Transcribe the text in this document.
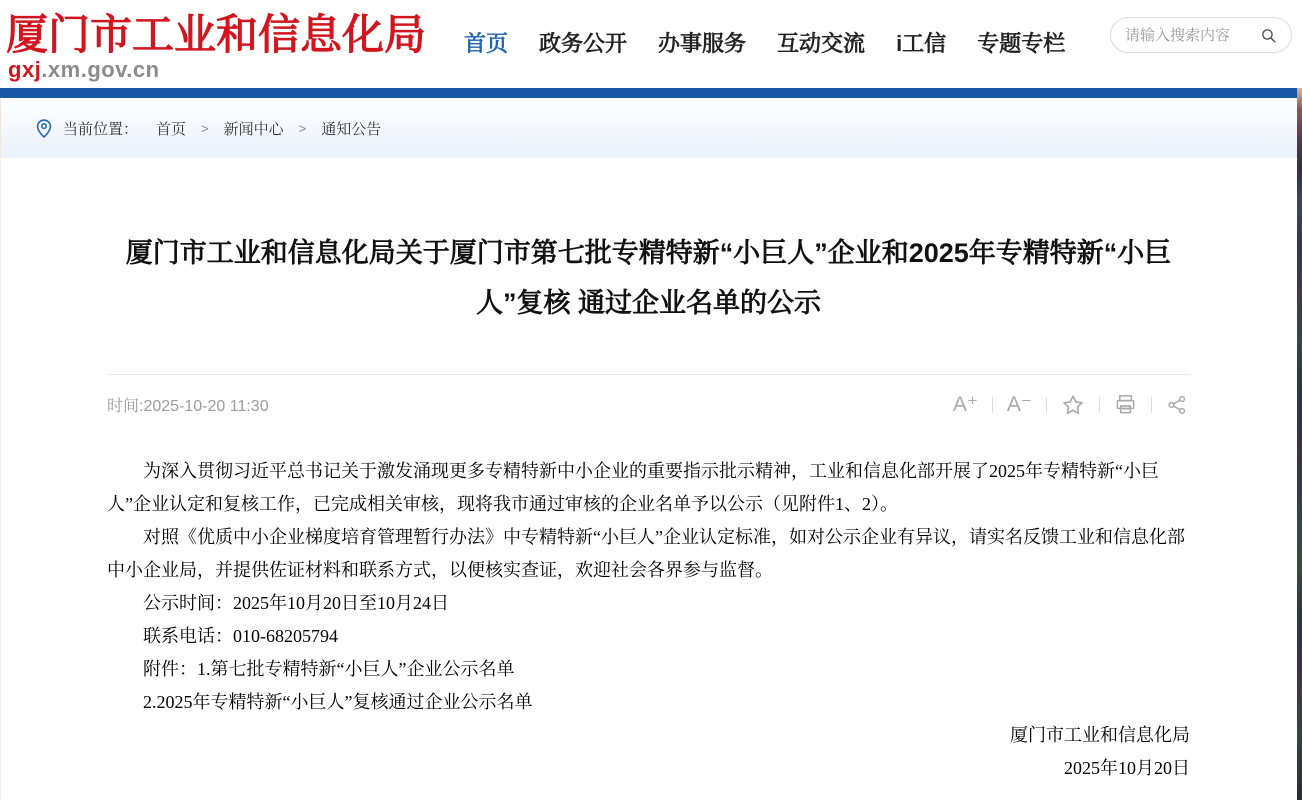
厦门市工业和信息化局
gxj.xm.gov.cn
首页 政务公开 办事服务 互动交流 i工信 专题专栏
请输入搜索内容
当前位置： 首页 > 新闻中心 > 通知公告
厦门市工业和信息化局关于厦门市第七批专精特新“小巨人”企业和2025年专精特新“小巨人”复核 通过企业名单的公示
时间:2025-10-20 11:30	A⁺	A⁻

为深入贯彻习近平总书记关于激发涌现更多专精特新中小企业的重要指示批示精神，工业和信息化部开展了2025年专精特新“小巨人”企业认定和复核工作，已完成相关审核，现将我市通过审核的企业名单予以公示（见附件1、2）。

对照《优质中小企业梯度培育管理暂行办法》中专精特新“小巨人”企业认定标准，如对公示企业有异议，请实名反馈工业和信息化部中小企业局，并提供佐证材料和联系方式，以便核实查证，欢迎社会各界参与监督。

公示时间：2025年10月20日至10月24日

联系电话：010-68205794

附件：1.第七批专精特新“小巨人”企业公示名单

2.2025年专精特新“小巨人”复核通过企业公示名单

厦门市工业和信息化局

2025年10月20日
